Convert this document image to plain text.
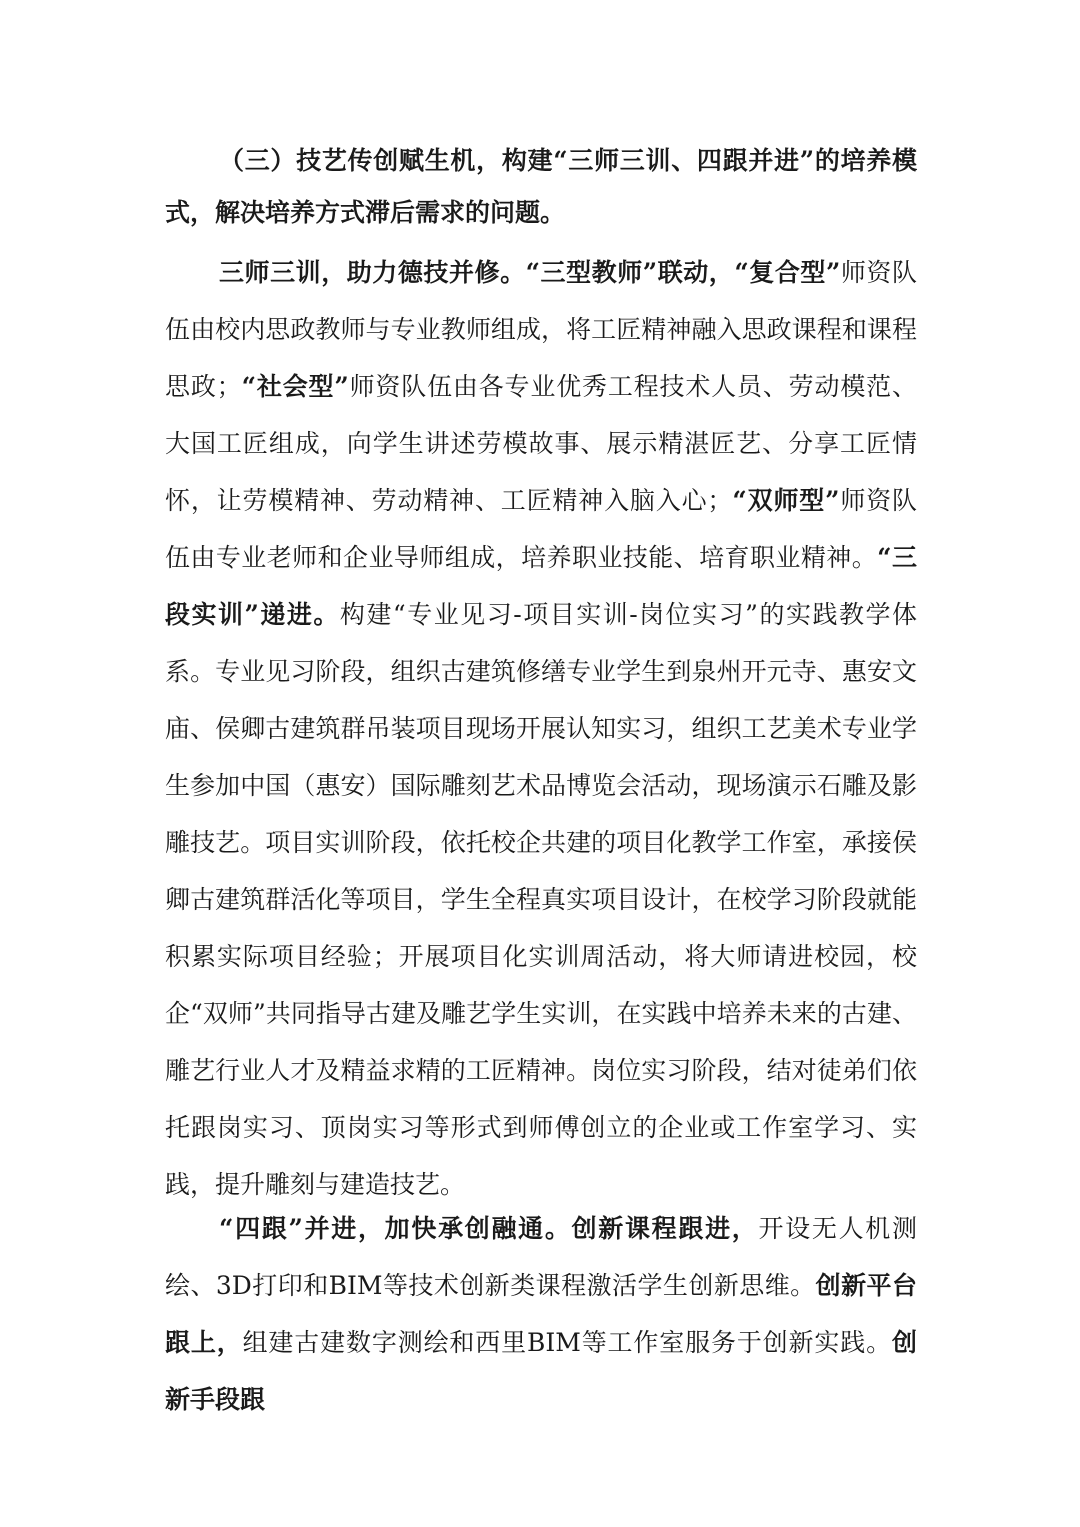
（三）技艺传创赋生机，构建“三师三训、四跟并进”的培养模式，解决培养方式滞后需求的问题。

三师三训，助力德技并修。“三型教师”联动，“复合型”师资队伍由校内思政教师与专业教师组成，将工匠精神融入思政课程和课程思政；“社会型”师资队伍由各专业优秀工程技术人员、劳动模范、大国工匠组成，向学生讲述劳模故事、展示精湛匠艺、分享工匠情怀，让劳模精神、劳动精神、工匠精神入脑入心；“双师型”师资队伍由专业老师和企业导师组成，培养职业技能、培育职业精神。“三段实训”递进。构建“专业见习-项目实训-岗位实习”的实践教学体系。专业见习阶段，组织古建筑修缮专业学生到泉州开元寺、惠安文庙、侯卿古建筑群吊装项目现场开展认知实习，组织工艺美术专业学生参加中国（惠安）国际雕刻艺术品博览会活动，现场演示石雕及影雕技艺。项目实训阶段，依托校企共建的项目化教学工作室，承接侯卿古建筑群活化等项目，学生全程真实项目设计，在校学习阶段就能积累实际项目经验；开展项目化实训周活动，将大师请进校园，校企“双师”共同指导古建及雕艺学生实训，在实践中培养未来的古建、雕艺行业人才及精益求精的工匠精神。岗位实习阶段，结对徒弟们依托跟岗实习、顶岗实习等形式到师傅创立的企业或工作室学习、实践，提升雕刻与建造技艺。

“四跟”并进，加快承创融通。创新课程跟进，开设无人机测绘、3D打印和BIM等技术创新类课程激活学生创新思维。创新平台跟上，组建古建数字测绘和西里BIM等工作室服务于创新实践。创新手段跟
